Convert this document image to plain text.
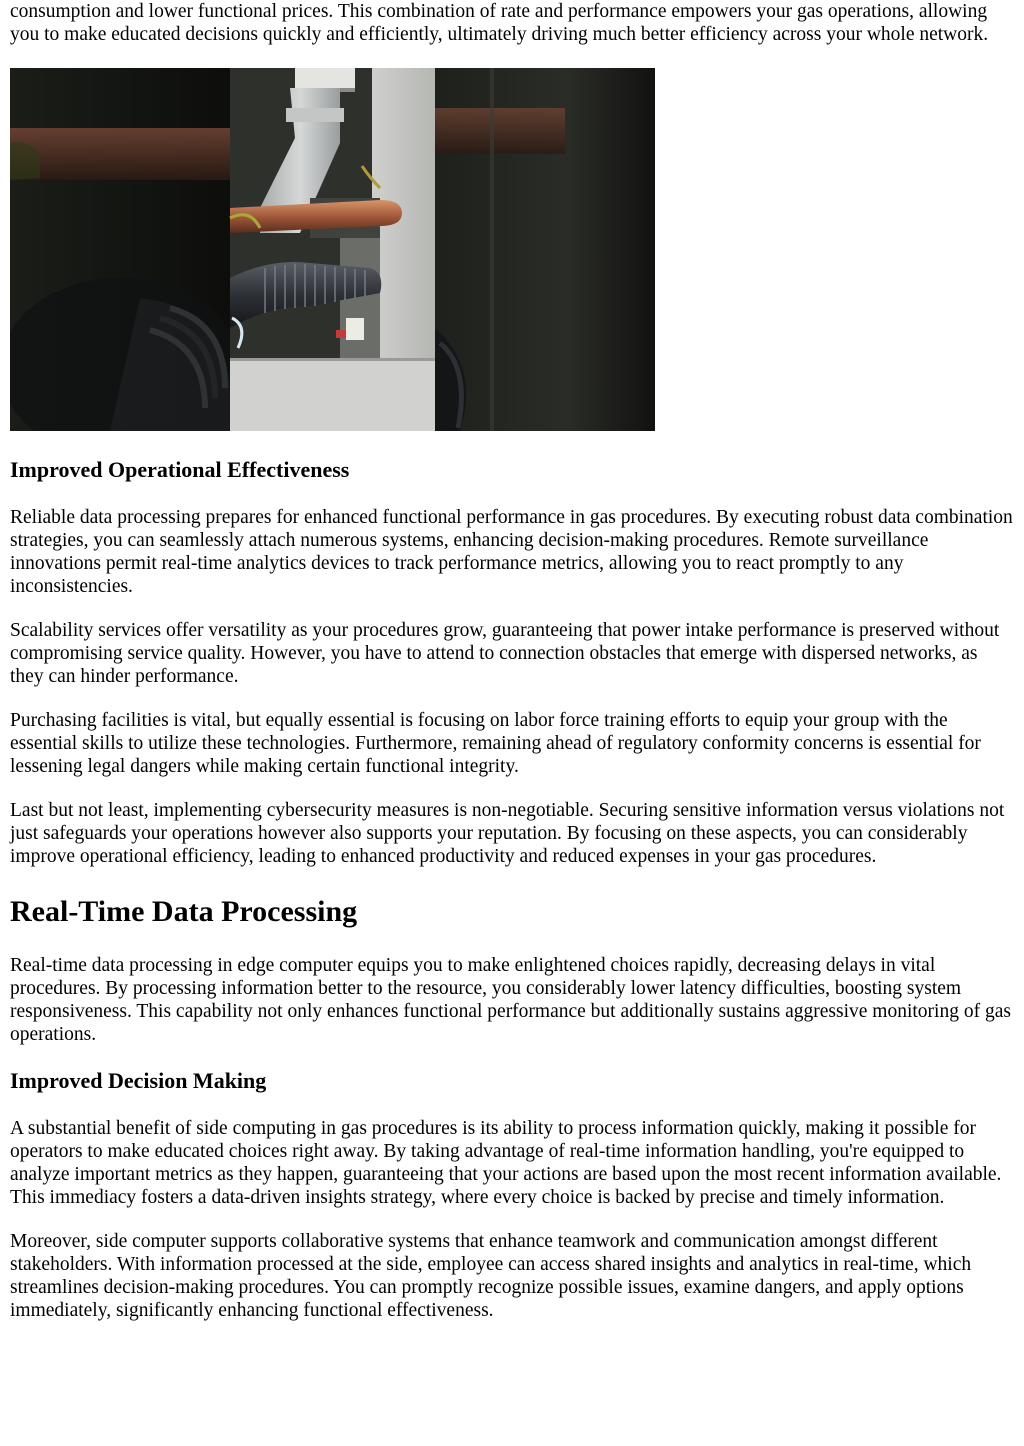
consumption and lower functional prices. This combination of rate and performance empowers your gas operations, allowing you to make educated decisions quickly and efficiently, ultimately driving much better efficiency across your whole network.

Improved Operational Effectiveness

Reliable data processing prepares for enhanced functional performance in gas procedures. By executing robust data combination strategies, you can seamlessly attach numerous systems, enhancing decision-making procedures. Remote surveillance innovations permit real-time analytics devices to track performance metrics, allowing you to react promptly to any inconsistencies.

Scalability services offer versatility as your procedures grow, guaranteeing that power intake performance is preserved without compromising service quality. However, you have to attend to connection obstacles that emerge with dispersed networks, as they can hinder performance.

Purchasing facilities is vital, but equally essential is focusing on labor force training efforts to equip your group with the essential skills to utilize these technologies. Furthermore, remaining ahead of regulatory conformity concerns is essential for lessening legal dangers while making certain functional integrity.

Last but not least, implementing cybersecurity measures is non-negotiable. Securing sensitive information versus violations not just safeguards your operations however also supports your reputation. By focusing on these aspects, you can considerably improve operational efficiency, leading to enhanced productivity and reduced expenses in your gas procedures.

Real-Time Data Processing

Real-time data processing in edge computer equips you to make enlightened choices rapidly, decreasing delays in vital procedures. By processing information better to the resource, you considerably lower latency difficulties, boosting system responsiveness. This capability not only enhances functional performance but additionally sustains aggressive monitoring of gas operations.

Improved Decision Making

A substantial benefit of side computing in gas procedures is its ability to process information quickly, making it possible for operators to make educated choices right away. By taking advantage of real-time information handling, you're equipped to analyze important metrics as they happen, guaranteeing that your actions are based upon the most recent information available. This immediacy fosters a data-driven insights strategy, where every choice is backed by precise and timely information.

Moreover, side computer supports collaborative systems that enhance teamwork and communication amongst different stakeholders. With information processed at the side, employee can access shared insights and analytics in real-time, which streamlines decision-making procedures. You can promptly recognize possible issues, examine dangers, and apply options immediately, significantly enhancing functional effectiveness.
